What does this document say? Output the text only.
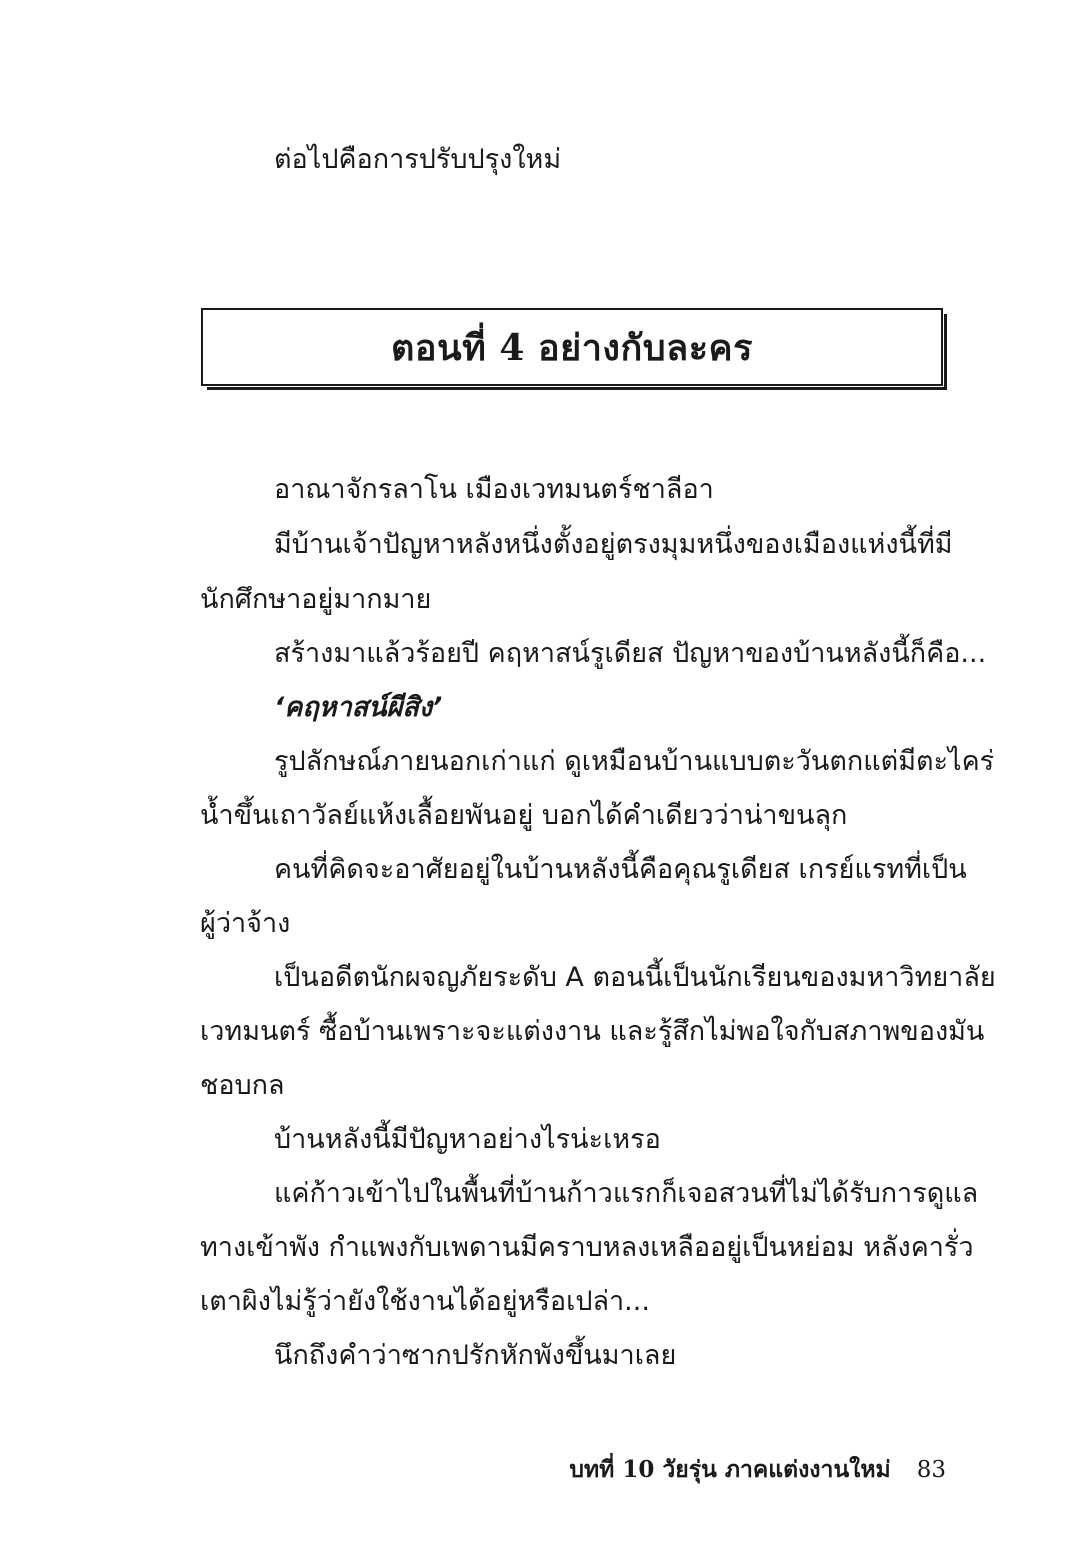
ต่อไปคือการปรับปรุงใหม่
ตอนที่ 4 อย่างกับละคร

อาณาจักรลาโน เมืองเวทมนตร์ชาลีอา

มีบ้านเจ้าปัญหาหลังหนึ่งตั้งอยู่ตรงมุมหนึ่งของเมืองแห่งนี้ที่มี

นักศึกษาอยู่มากมาย

สร้างมาแล้วร้อยปี คฤหาสน์รูเดียส ปัญหาของบ้านหลังนี้ก็คือ...

‘คฤหาสน์ผีสิง’

รูปลักษณ์ภายนอกเก่าแก่ ดูเหมือนบ้านแบบตะวันตกแต่มีตะไคร่

น้ำขึ้นเถาวัลย์แห้งเลื้อยพันอยู่ บอกได้คำเดียวว่าน่าขนลุก

คนที่คิดจะอาศัยอยู่ในบ้านหลังนี้คือคุณรูเดียส เกรย์แรทที่เป็น

ผู้ว่าจ้าง

เป็นอดีตนักผจญภัยระดับ A ตอนนี้เป็นนักเรียนของมหาวิทยาลัย

เวทมนตร์ ซื้อบ้านเพราะจะแต่งงาน และรู้สึกไม่พอใจกับสภาพของมัน

ชอบกล

บ้านหลังนี้มีปัญหาอย่างไรน่ะเหรอ

แค่ก้าวเข้าไปในพื้นที่บ้านก้าวแรกก็เจอสวนที่ไม่ได้รับการดูแล

ทางเข้าพัง กำแพงกับเพดานมีคราบหลงเหลืออยู่เป็นหย่อม หลังคารั่ว

เตาผิงไม่รู้ว่ายังใช้งานได้อยู่หรือเปล่า...

นึกถึงคำว่าซากปรักหักพังขึ้นมาเลย

บทที่ 10 วัยรุ่น ภาคแต่งงานใหม่ 83
